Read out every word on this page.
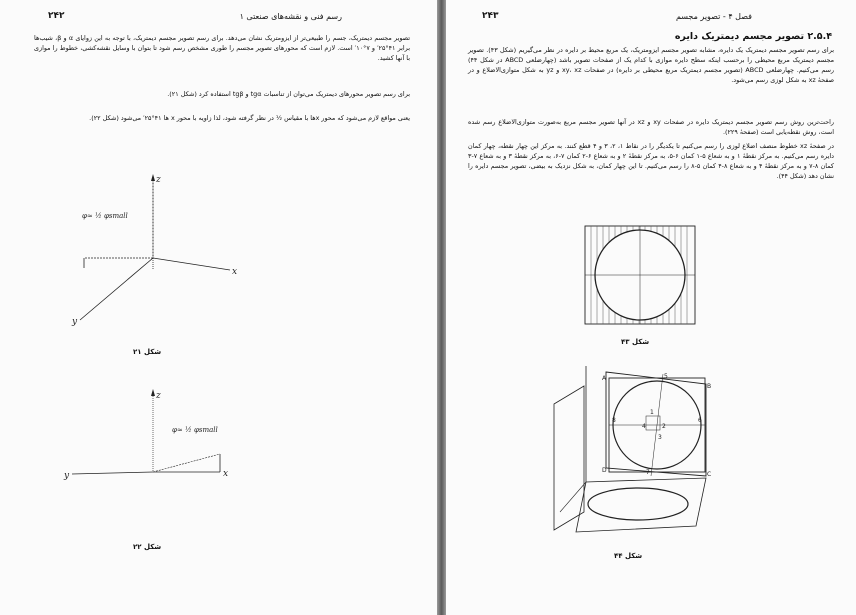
۲۴۲	رسم فنی و نقشه‌های صنعتی ۱
تصویر مجسم دیمتریک، جسم را طبیعی‌تر از ایزومتریک نشان می‌دهد. برای رسم تصویر مجسم دیمتریک، با توجه به این زوایای α و β، شیب‌ها برابر ۴۱°۲۵′ و ۷°۱۰′ است. لازم است که محورهای تصویر مجسم را طوری مشخص رسم شود تا بتوان با وسایل نقشه‌کشی، خطوط را موازی با آنها کشید.
برای رسم تصویر محورهای دیمتریک می‌توان از تناسبات tgα و tgβ استفاده کرد (شکل ۲۱).
یعنی مواقع لازم می‌شود که محور xها با مقیاس ½ در نظر گرفته شود، لذا زاویه با محور x ها ۴۱°۲۵′ می‌شود (شکل ۲۲).
z
x
y
φ≈ ½ φsmall
شکل ۲۱
z
x
y
φ≈ ½ φsmall
شکل ۲۲
۲۴۳	فصل ۴ - تصویر مجسم
۲.۵.۴ تصویر مجسم دیمتریک دایره
برای رسم تصویر مجسم دیمتریک یک دایره، مشابه تصویر مجسم ایزومتریک، یک مربع محیط بر دایره در نظر می‌گیریم (شکل ۴۳). تصویر مجسم دیمتریک مربع محیطی را برحسب اینکه سطح دایره موازی با کدام یک از صفحات تصویر باشد (چهارضلعی ABCD در شکل ۴۴) رسم می‌کنیم. چهارضلعی ABCD (تصویر مجسم دیمتریک مربع محیطی بر دایره) در صفحات xy، xz و yz به شکل متوازی‌الاضلاع و در صفحهٔ xz به شکل لوزی رسم می‌شود.
راحت‌ترین روش رسم تصویر مجسم دیمتریک دایره در صفحات xy و xz در آنها تصویر مجسم مربع به‌صورت متوازی‌الاضلاع رسم شده است، روش نقطه‌یابی است (صفحهٔ ۲۲۹).
در صفحهٔ xz خطوط منصف اضلاع لوزی را رسم می‌کنیم تا یکدیگر را در نقاط ۱، ۲، ۳ و ۴ قطع کنند. به مرکز این چهار نقطه، چهار کمان دایره رسم می‌کنیم. به مرکز نقطهٔ ۱ و به شعاع ۵-۱ کمان ۶-۵، به مرکز نقطهٔ ۲ و به شعاع ۶-۲ کمان ۷-۶، به مرکز نقطهٔ ۳ و به شعاع ۷-۳ کمان ۸-۷ و به مرکز نقطهٔ ۴ و به شعاع ۸-۴ کمان ۵-۸ را رسم می‌کنیم. تا این چهار کمان، به شکل نزدیک به بیضی، تصویر مجسم دایره را نشان دهد (شکل ۴۴).
شکل ۴۳
A
B
C
D
1
2
3
4
5
6
7
8
شکل ۴۴
